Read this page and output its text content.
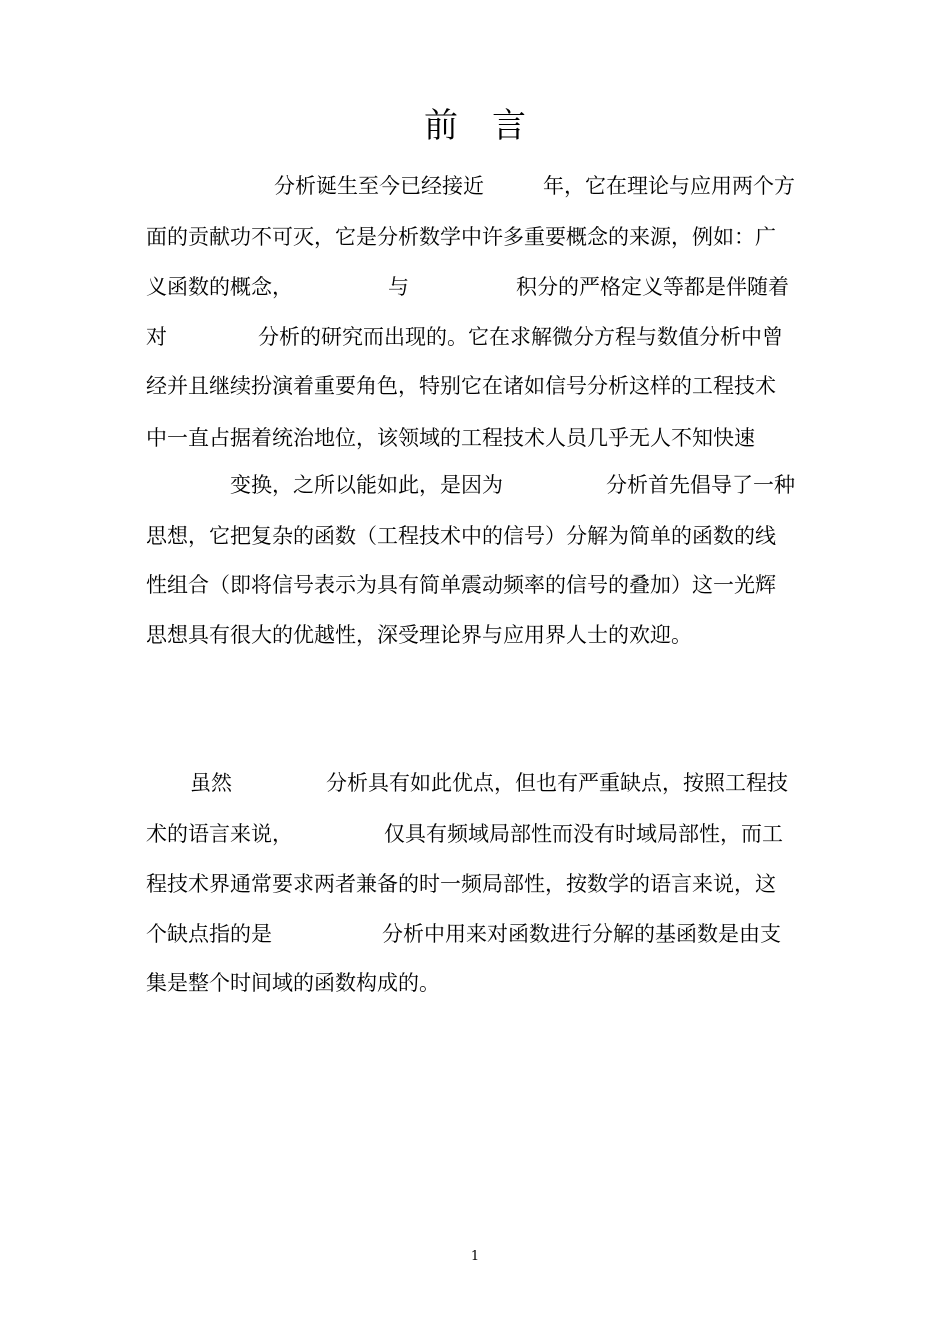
前　言
分析诞生至今已经接近	年，它在理论与应用两个方
面的贡献功不可灭，它是分析数学中许多重要概念的来源，例如：广
义函数的概念，	与	积分的严格定义等都是伴随着
对	分析的研究而出现的。它在求解微分方程与数值分析中曾
经并且继续扮演着重要角色，特别它在诸如信号分析这样的工程技术
中一直占据着统治地位，该领域的工程技术人员几乎无人不知快速
变换，之所以能如此，是因为	分析首先倡导了一种
思想，它把复杂的函数（工程技术中的信号）分解为简单的函数的线
性组合（即将信号表示为具有简单震动频率的信号的叠加）这一光辉
思想具有很大的优越性，深受理论界与应用界人士的欢迎。
虽然	分析具有如此优点，但也有严重缺点，按照工程技
术的语言来说，	仅具有频域局部性而没有时域局部性，而工
程技术界通常要求两者兼备的时一频局部性，按数学的语言来说，这
个缺点指的是	分析中用来对函数进行分解的基函数是由支
集是整个时间域的函数构成的。
1
